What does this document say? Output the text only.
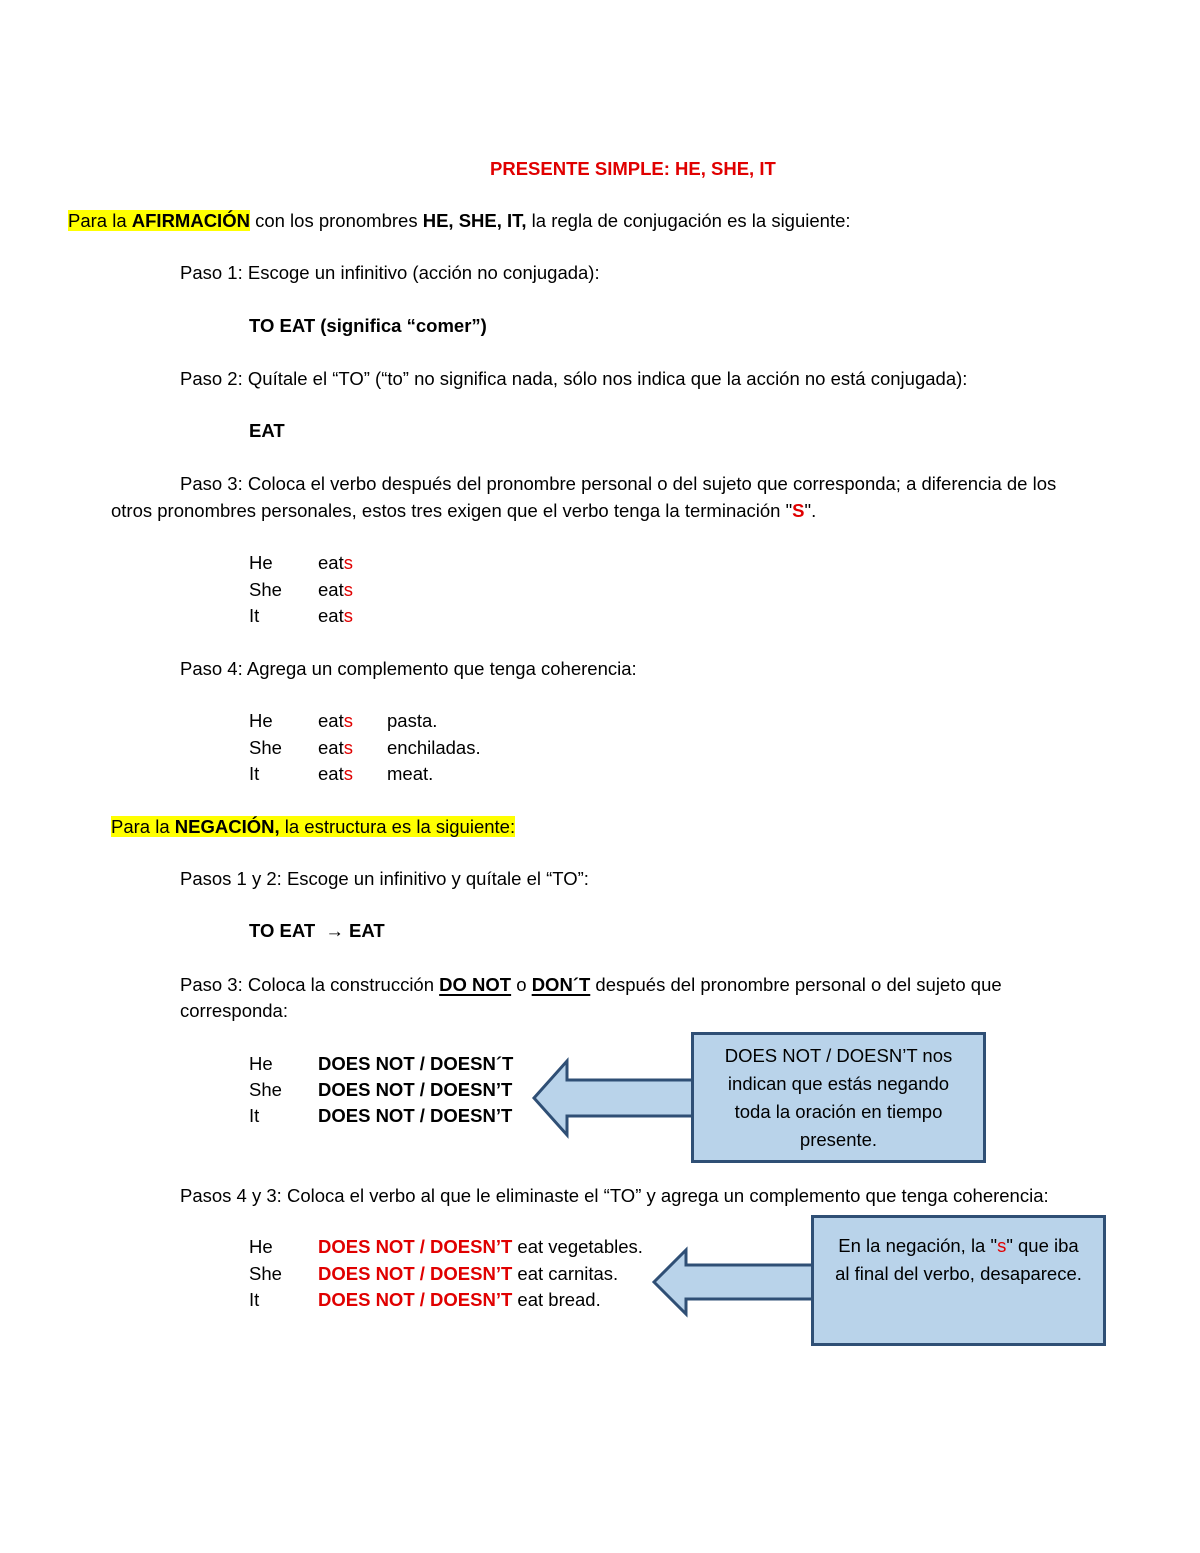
PRESENTE SIMPLE: HE, SHE, IT
Para la AFIRMACIÓN con los pronombres HE, SHE, IT, la regla de conjugación es la siguiente:
Paso 1: Escoge un infinitivo (acción no conjugada):
TO EAT (significa “comer”)
Paso 2: Quítale el “TO” (“to” no significa nada, sólo nos indica que la acción no está conjugada):
EAT
Paso 3: Coloca el verbo después del pronombre personal o del sujeto que corresponda; a diferencia de los
otros pronombres personales, estos tres exigen que el verbo tenga la terminación "S".
He eats
She eats
It	eats
Paso 4: Agrega un complemento que tenga coherencia:
He eats pasta.
She eats enchiladas.
It	eats meat.
Para la NEGACIÓN, la estructura es la siguiente:
Pasos 1 y 2: Escoge un infinitivo y quítale el “TO”:
TO EAT → EAT
Paso 3: Coloca la construcción DO NOT o DON´T después del pronombre personal o del sujeto que
corresponda:
He DOES NOT / DOESN´T
She DOES NOT / DOESN’T
It	DOES NOT / DOESN’T
DOES NOT / DOESN’T nos indican que estás negando toda la oración en tiempo presente.
Pasos 4 y 3: Coloca el verbo al que le eliminaste el “TO” y agrega un complemento que tenga coherencia:
He DOES NOT / DOESN’T eat vegetables.
She DOES NOT / DOESN’T eat carnitas.
It	DOES NOT / DOESN’T eat bread.
En la negación, la "s" que iba al final del verbo, desaparece.
